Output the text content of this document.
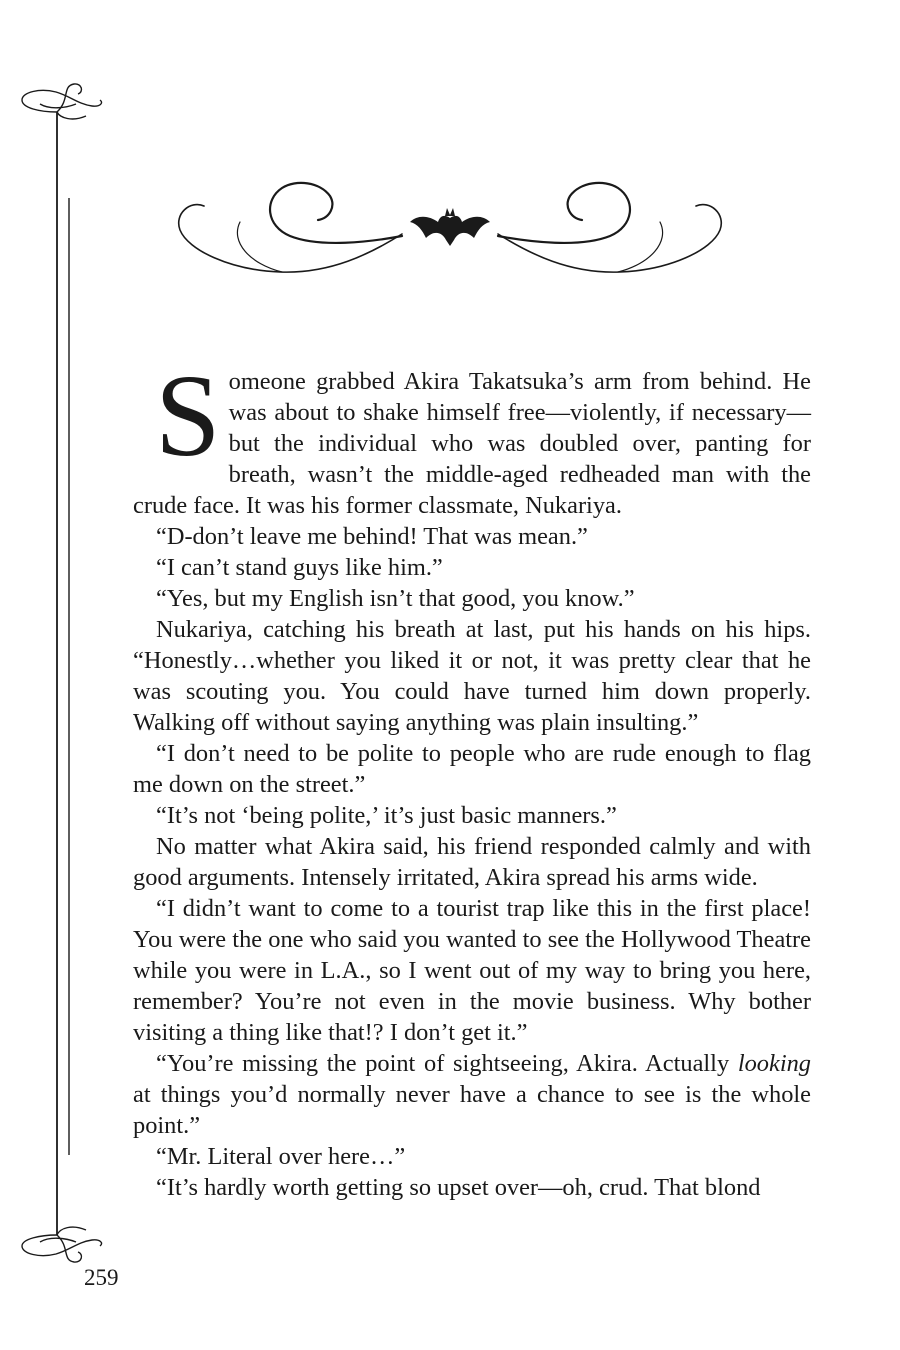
Someone grabbed Akira Takatsuka’s arm from behind. He was about to shake himself free—violently, if necessary—but the individual who was doubled over, panting for breath, wasn’t the middle-aged redheaded man with the crude face. It was his former classmate, Nukariya.

“D-don’t leave me behind! That was mean.”

“I can’t stand guys like him.”

“Yes, but my English isn’t that good, you know.”

Nukariya, catching his breath at last, put his hands on his hips. “Honestly…whether you liked it or not, it was pretty clear that he was scouting you. You could have turned him down properly. Walking off without saying anything was plain insulting.”

“I don’t need to be polite to people who are rude enough to flag me down on the street.”

“It’s not ‘being polite,’ it’s just basic manners.”

No matter what Akira said, his friend responded calmly and with good arguments. Intensely irritated, Akira spread his arms wide.

“I didn’t want to come to a tourist trap like this in the first place! You were the one who said you wanted to see the Hollywood Theatre while you were in L.A., so I went out of my way to bring you here, remember? You’re not even in the movie business. Why bother visiting a thing like that!? I don’t get it.”

“You’re missing the point of sightseeing, Akira. Actually looking at things you’d normally never have a chance to see is the whole point.”

“Mr. Literal over here…”

“It’s hardly worth getting so upset over—oh, crud. That blond

259
